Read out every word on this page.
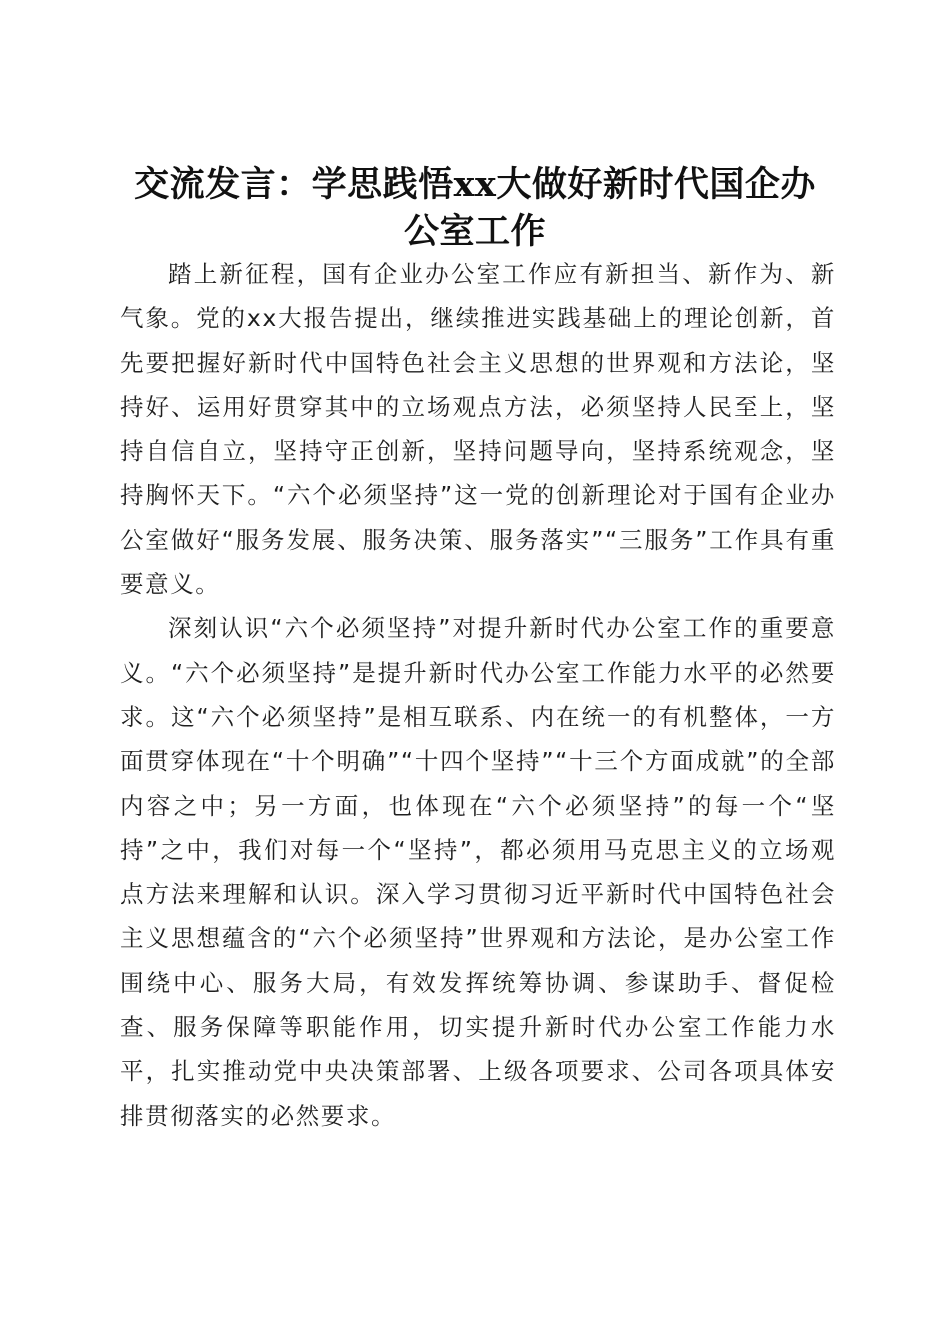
交流发言：学思践悟xx大做好新时代国企办
公室工作

踏上新征程，国有企业办公室工作应有新担当、新作为、新气象。党的xx大报告提出，继续推进实践基础上的理论创新，首先要把握好新时代中国特色社会主义思想的世界观和方法论，坚持好、运用好贯穿其中的立场观点方法，必须坚持人民至上，坚持自信自立，坚持守正创新，坚持问题导向，坚持系统观念，坚持胸怀天下。“六个必须坚持”这一党的创新理论对于国有企业办公室做好“服务发展、服务决策、服务落实”“三服务”工作具有重要意义。

深刻认识“六个必须坚持”对提升新时代办公室工作的重要意义。“六个必须坚持”是提升新时代办公室工作能力水平的必然要求。这“六个必须坚持”是相互联系、内在统一的有机整体，一方面贯穿体现在“十个明确”“十四个坚持”“十三个方面成就”的全部内容之中；另一方面，也体现在“六个必须坚持”的每一个“坚持”之中，我们对每一个“坚持”，都必须用马克思主义的立场观点方法来理解和认识。深入学习贯彻习近平新时代中国特色社会主义思想蕴含的“六个必须坚持”世界观和方法论，是办公室工作围绕中心、服务大局，有效发挥统筹协调、参谋助手、督促检查、服务保障等职能作用，切实提升新时代办公室工作能力水平，扎实推动党中央决策部署、上级各项要求、公司各项具体安排贯彻落实的必然要求。
